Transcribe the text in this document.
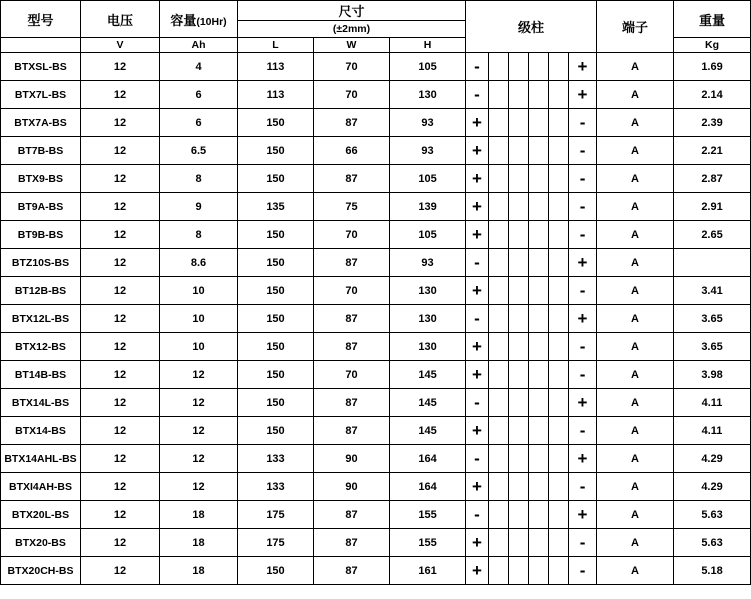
型号	电压	容量(10Hr)	尺寸			级柱						端子	重量
			(±2mm)										
	V	Ah	L	W	H								Kg
BTXSL-BS	12	4	113	70	105	-					+	A	1.69
BTX7L-BS	12	6	113	70	130	-					+	A	2.14
BTX7A-BS	12	6	150	87	93	+					-	A	2.39
BT7B-BS	12	6.5	150	66	93	+					-	A	2.21
BTX9-BS	12	8	150	87	105	+					-	A	2.87
BT9A-BS	12	9	135	75	139	+					-	A	2.91
BT9B-BS	12	8	150	70	105	+					-	A	2.65
BTZ10S-BS	12	8.6	150	87	93	-					+	A	
BT12B-BS	12	10	150	70	130	+					-	A	3.41
BTX12L-BS	12	10	150	87	130	-					+	A	3.65
BTX12-BS	12	10	150	87	130	+					-	A	3.65
BT14B-BS	12	12	150	70	145	+					-	A	3.98
BTX14L-BS	12	12	150	87	145	-					+	A	4.11
BTX14-BS	12	12	150	87	145	+					-	A	4.11
BTX14AHL-BS	12	12	133	90	164	-					+	A	4.29
BTXI4AH-BS	12	12	133	90	164	+					-	A	4.29
BTX20L-BS	12	18	175	87	155	-					+	A	5.63
BTX20-BS	12	18	175	87	155	+					-	A	5.63
BTX20CH-BS	12	18	150	87	161	+					-	A	5.18
